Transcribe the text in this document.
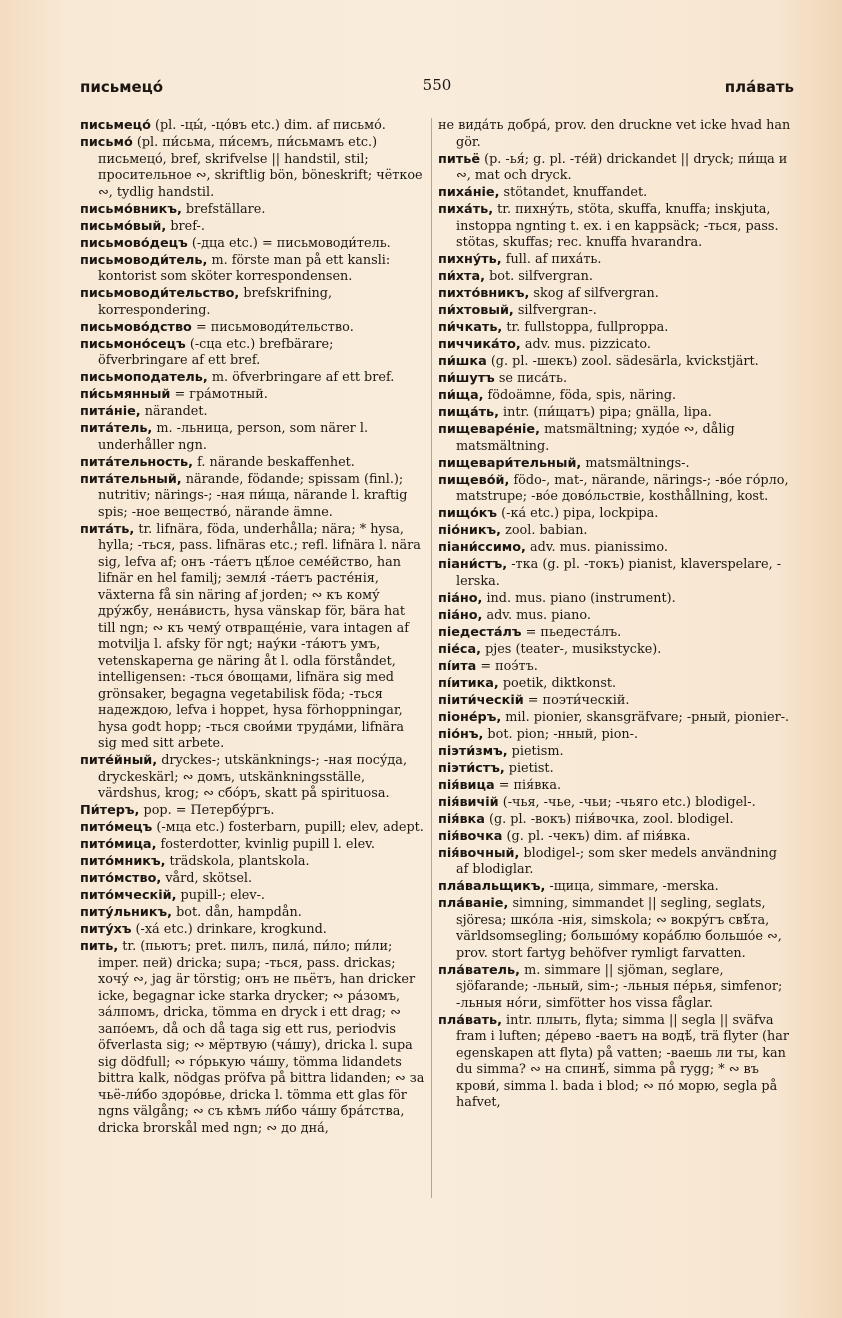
письмецо́	550	пла́вать
письмецо́ (pl. -цы́, -цо́въ etc.) dim. af письмо́.
письмо́ (pl. пи́сьма, пи́семъ, пи́сьмамъ etc.) письмецо́, bref, skrifvelse || handstil, stil; просительное ∾, skriftlig bön, böneskrift; чёткое ∾, tydlig handstil.
письмо́вникъ, brefställare.
письмо́вый, bref-.
письмово́децъ (-дца etc.) = письмоводи́тель.
письмоводи́тель, m. förste man på ett kansli: kontorist som sköter korrespondensen.
письмоводи́тельство, brefskrifning, korrespondering.
письмово́дство = письмоводи́тельство.
письмоно́сецъ (-сца etc.) brefbärare; öfverbringare af ett bref.
письмоподатель, m. öfverbringare af ett bref.
пи́сьмянный = гра́мотный.
пита́ніе, närandet.
пита́тель, m. -льница, person, som närer l. underhåller ngn.
пита́тельность, f. närande beskaffenhet.
пита́тельный, närande, födande; spissam (finl.); nutritiv; närings-; -ная пи́ща, närande l. kraftig spis; -ное веществό, närande ämne.
пита́ть, tr. lifnära, föda, underhålla; nära; * hysa, hylla; -ться, pass. lifnäras etc.; refl. lifnära l. nära sig, lefva af; онъ -та́етъ цѣ́лое семе́йство, han lifnär en hel familj; земля́ -та́етъ расте́нія, växterna få sin näring af jorden; ∾ къ кому́ дру́жбу, нена́висть, hysa vänskap för, bära hat till ngn; ∾ къ чему́ отвраще́ніе, vara intagen af motvilja l. afsky för ngt; нау́ки -та́ютъ умъ, vetenskaperna ge näring åt l. odla förståndet, intelligensen: -ться о́вощами, lifnära sig med grönsaker, begagna vegetabilisk föda; -ться надеждою, lefva i hoppet, hysa förhoppningar, hysa godt hopp; -ться свои́ми трудáми, lifnära sig med sitt arbete.
пите́йный, dryckes-; utskänknings-; -ная посу́да, dryckeskärl; ∾ домъ, utskänkningsställe, värdshus, krog; ∾ сбо́ръ, skatt på spirituosa.
Пи́теръ, pop. = Петербу́ргъ.
пито́мецъ (-мца etc.) fosterbarn, pupill; elev, adept.
пито́мица, fosterdotter, kvinlig pupill l. elev.
пито́мникъ, trädskola, plantskola.
пито́мство, vård, skötsel.
пито́мческій, pupill-; elev-.
питу́льникъ, bot. dån, hampdån.
питу́хъ (-ха́ etc.) drinkare, krogkund.
пить, tr. (пьютъ; pret. пилъ, пила́, пи́ло; пи́ли; imper. пей) dricka; supa; -ться, pass. drickas; хочу́ ∾, jag är törstig; онъ не пьётъ, han dricker icke, begagnar icke starka drycker; ∾ ра́зомъ, за́лпомъ, dricka, tömma en dryck i ett drag; ∾ запо́емъ, då och då taga sig ett rus, periodvis öfverlasta sig; ∾ мёртвую (ча́шу), dricka l. supa sig dödfull; ∾ го́рькую ча́шу, tömma lidandets bittra kalk, nödgas pröfva på bittra lidanden; ∾ за чьё-ли́бо здоро́вье, dricka l. tömma ett glas för ngns välgång; ∾ съ кѣмъ ли́бо ча́шу бра́тства, dricka brorskål med ngn; ∾ до дна́,
не вида́ть добра́, prov. den druckne vet icke hvad han gör.
питьё (р. -ья́; g. pl. -те́й) drickandet || dryck; пи́ща и ∾, mat och dryck.
пиха́ніе, stötandet, knuffandet.
пиха́ть, tr. пихну́ть, stöta, skuffa, knuffa; inskjuta, instoppa ngnting t. ex. i en kappsäck; -ться, pass. stötas, skuffas; rec. knuffa hvarandra.
пихну́ть, full. af пиха́ть.
пи́хта, bot. silfvergran.
пихто́вникъ, skog af silfvergran.
пи́хтовый, silfvergran-.
пи́чкать, tr. fullstoppa, fullproppa.
пиччика́то, adv. mus. pizzicato.
пи́шка (g. pl. -шекъ) zool. sädesärla, kvickstjärt.
пи́шутъ se писа́ть.
пи́ща, födoämne, föda, spis, näring.
пища́ть, intr. (пи́щатъ) pipa; gnälla, lipa.
пищеваре́ніе, matsmältning; худо́е ∾, dålig matsmältning.
пищевари́тельный, matsmältnings-.
пищево́й, födo-, mat-, närande, närings-; -во́е го́рло, matstrupe; -во́е дово́льствіе, kosthållning, kost.
пищо́къ (-ка́ etc.) pipa, lockpipa.
пiо́никъ, zool. babian.
піани́ссимо, adv. mus. pianissimo.
піани́стъ, -тка (g. pl. -токъ) pianist, klaverspelare, -lerska.
піа́но, ind. mus. piano (instrument).
піа́но, adv. mus. piano.
піедеста́лъ = пьедеста́лъ.
піе́са, pjes (teater-, musikstycke).
пі́ита = поэ́тъ.
пі́итика, poetik, diktkonst.
піити́ческій = поэти́ческій.
піоне́ръ, mil. pionier, skansgräfvare; -рный, pionier-.
піо́нъ, bot. pion; -нный, pion-.
піэти́змъ, pietism.
піэти́стъ, pietist.
пія́вица = пія́вка.
пія́вичій (-чья, -чье, -чьи; -чьяго etc.) blodigel-.
пія́вка (g. pl. -вокъ) пія́вочка, zool. blodigel.
пія́вочка (g. pl. -чекъ) dim. af пія́вка.
пія́вочный, blodigel-; som sker medels användning af blodiglar.
пла́вальщикъ, -щица, simmare, -merska.
пла́ваніе, simning, simmandet || segling, seglats, sjöresa; шко́ла -нія, simskola; ∾ вокру́гъ свѣ́та, världsomsegling; большо́му кора́блю большо́е ∾, prov. stort fartyg behöfver rymligt farvatten.
пла́ватель, m. simmare || sjöman, seglare, sjöfarande; -льный, sim-; -льныя пе́рья, simfenor; -льныя но́ги, simfötter hos vissa fåglar.
пла́вать, intr. плыть, flyta; simma || segla || sväfva fram i luften; де́рево -ваетъ на водѣ́, trä flyter (har egenskapen att flyta) på vatten; -ваешь ли ты, kan du simma? ∾ на спинѣ́, simma på rygg; * ∾ въ крови́, simma l. bada i blod; ∾ по́ морю, segla på hafvet,
